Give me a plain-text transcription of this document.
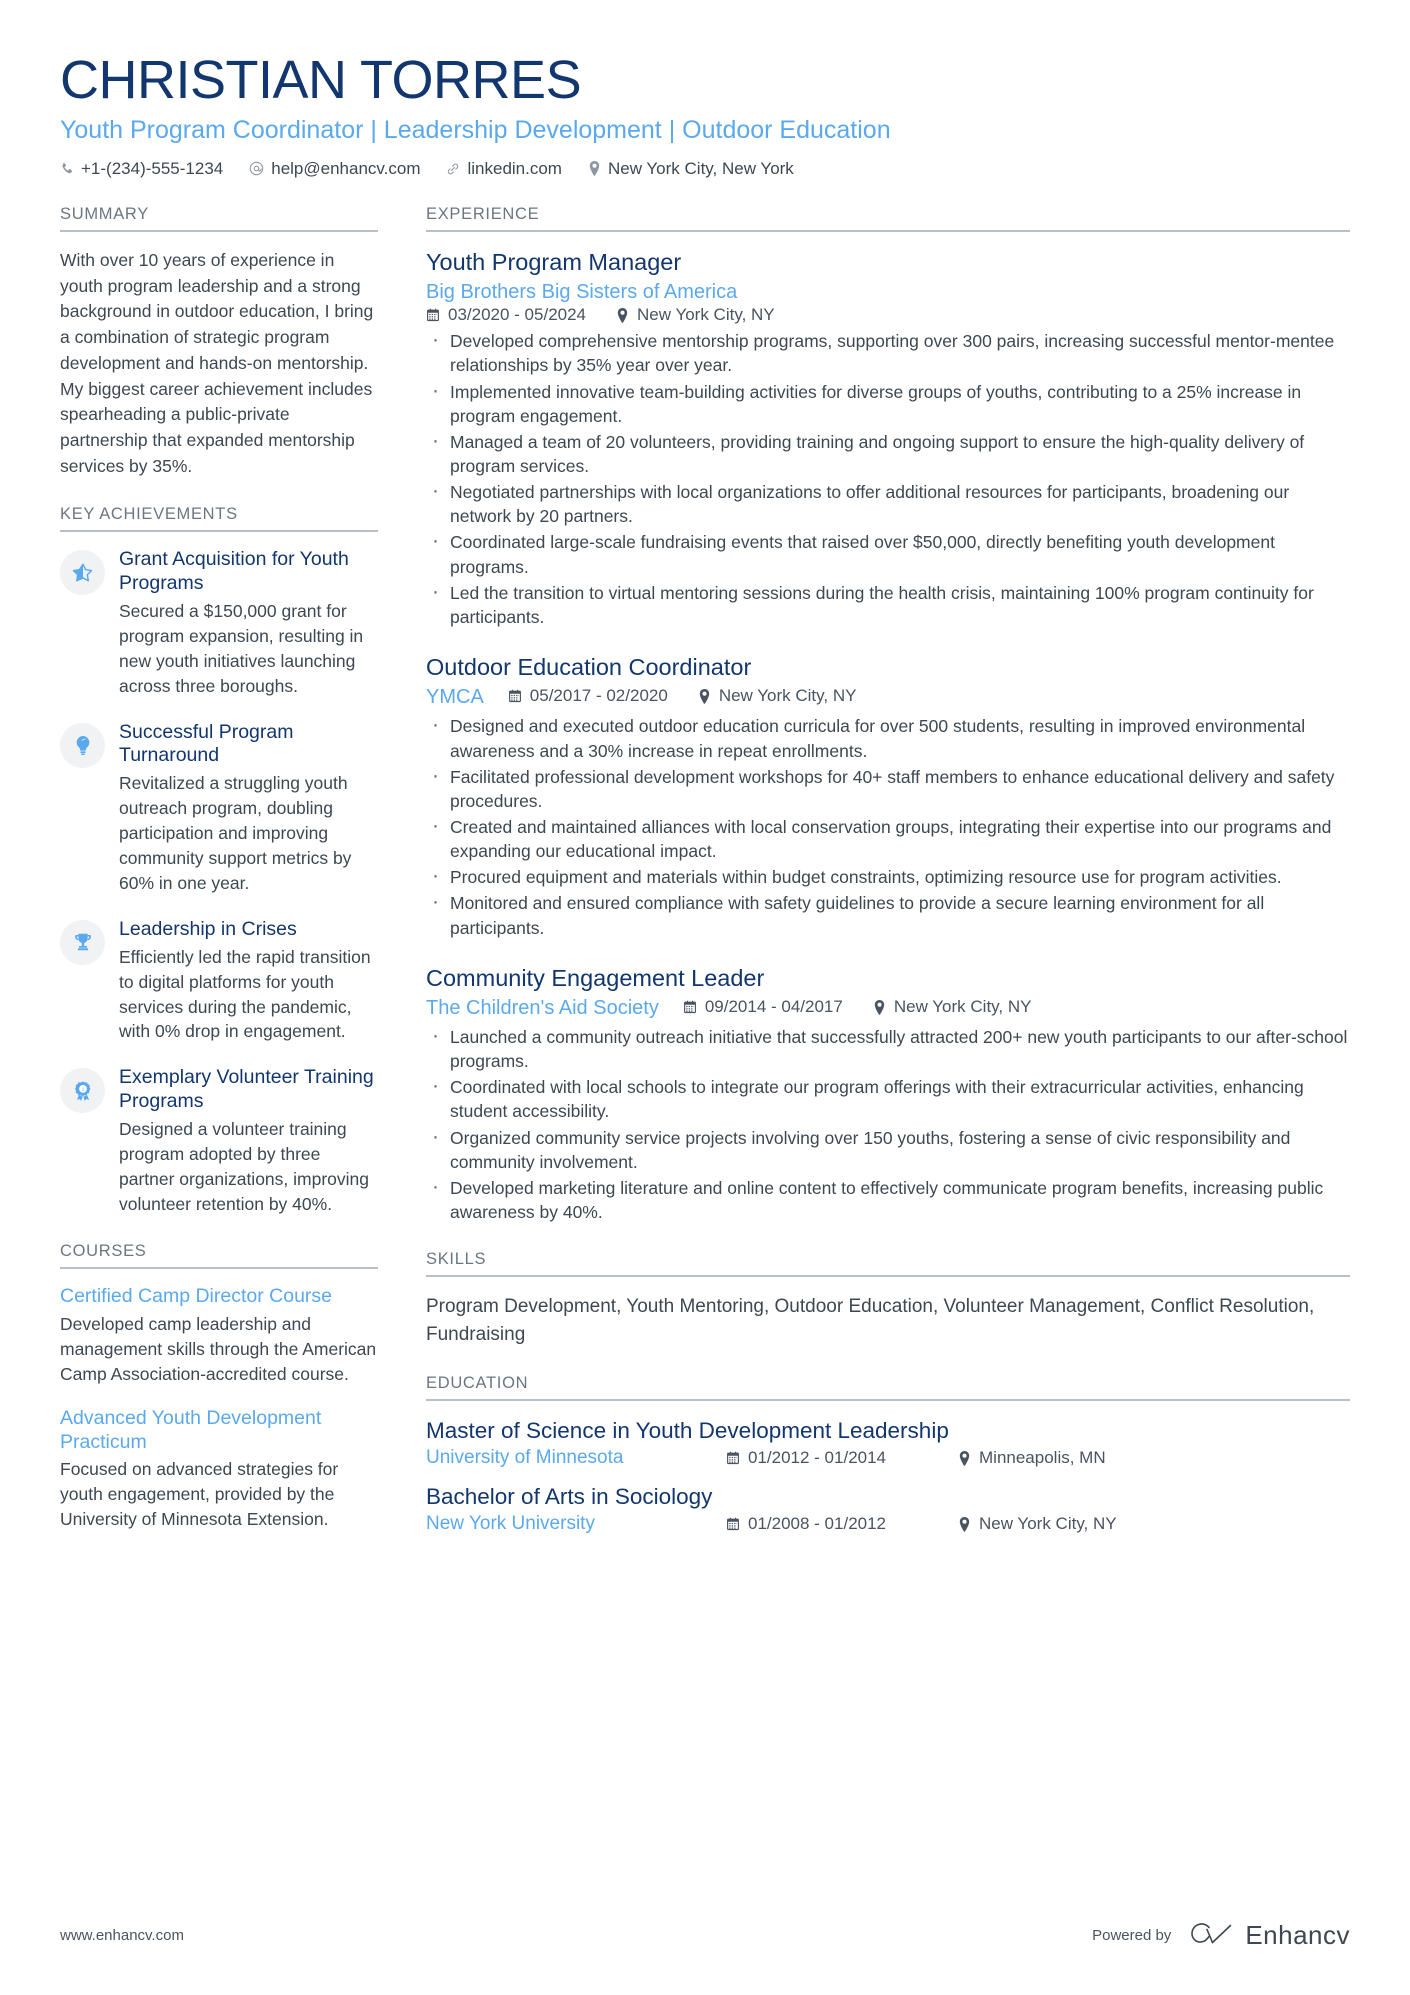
CHRISTIAN TORRES
Youth Program Coordinator | Leadership Development | Outdoor Education
+1-(234)-555-1234	help@enhancv.com	linkedin.com	New York City, New York
SUMMARY
With over 10 years of experience in youth program leadership and a strong background in outdoor education, I bring a combination of strategic program development and hands-on mentorship. My biggest career achievement includes spearheading a public-private partnership that expanded mentorship services by 35%.
KEY ACHIEVEMENTS
Grant Acquisition for Youth Programs
Secured a $150,000 grant for program expansion, resulting in new youth initiatives launching across three boroughs.
Successful Program Turnaround
Revitalized a struggling youth outreach program, doubling participation and improving community support metrics by 60% in one year.
Leadership in Crises
Efficiently led the rapid transition to digital platforms for youth services during the pandemic, with 0% drop in engagement.
1
Exemplary Volunteer Training Programs
Designed a volunteer training program adopted by three partner organizations, improving volunteer retention by 40%.
COURSES
Certified Camp Director Course
Developed camp leadership and management skills through the American Camp Association-accredited course.
Advanced Youth Development Practicum
Focused on advanced strategies for youth engagement, provided by the University of Minnesota Extension.
EXPERIENCE
Youth Program Manager
Big Brothers Big Sisters of America
03/2020 - 05/2024	New York City, NY
· Developed comprehensive mentorship programs, supporting over 300 pairs, increasing successful mentor-mentee relationships by 35% year over year.
· Implemented innovative team-building activities for diverse groups of youths, contributing to a 25% increase in program engagement.
· Managed a team of 20 volunteers, providing training and ongoing support to ensure the high-quality delivery of program services.
· Negotiated partnerships with local organizations to offer additional resources for participants, broadening our network by 20 partners.
· Coordinated large-scale fundraising events that raised over $50,000, directly benefiting youth development programs.
· Led the transition to virtual mentoring sessions during the health crisis, maintaining 100% program continuity for participants.
Outdoor Education Coordinator
YMCA	05/2017 - 02/2020	New York City, NY
· Designed and executed outdoor education curricula for over 500 students, resulting in improved environmental awareness and a 30% increase in repeat enrollments.
· Facilitated professional development workshops for 40+ staff members to enhance educational delivery and safety procedures.
· Created and maintained alliances with local conservation groups, integrating their expertise into our programs and expanding our educational impact.
· Procured equipment and materials within budget constraints, optimizing resource use for program activities.
· Monitored and ensured compliance with safety guidelines to provide a secure learning environment for all participants.
Community Engagement Leader
The Children's Aid Society	09/2014 - 04/2017	New York City, NY
· Launched a community outreach initiative that successfully attracted 200+ new youth participants to our after-school programs.
· Coordinated with local schools to integrate our program offerings with their extracurricular activities, enhancing student accessibility.
· Organized community service projects involving over 150 youths, fostering a sense of civic responsibility and community involvement.
· Developed marketing literature and online content to effectively communicate program benefits, increasing public awareness by 40%.
SKILLS
Program Development, Youth Mentoring, Outdoor Education, Volunteer Management, Conflict Resolution, Fundraising
EDUCATION
Master of Science in Youth Development Leadership
University of Minnesota	01/2012 - 01/2014	Minneapolis, MN
Bachelor of Arts in Sociology
New York University	01/2008 - 01/2012	New York City, NY
www.enhancv.com	Powered by	Enhancv
